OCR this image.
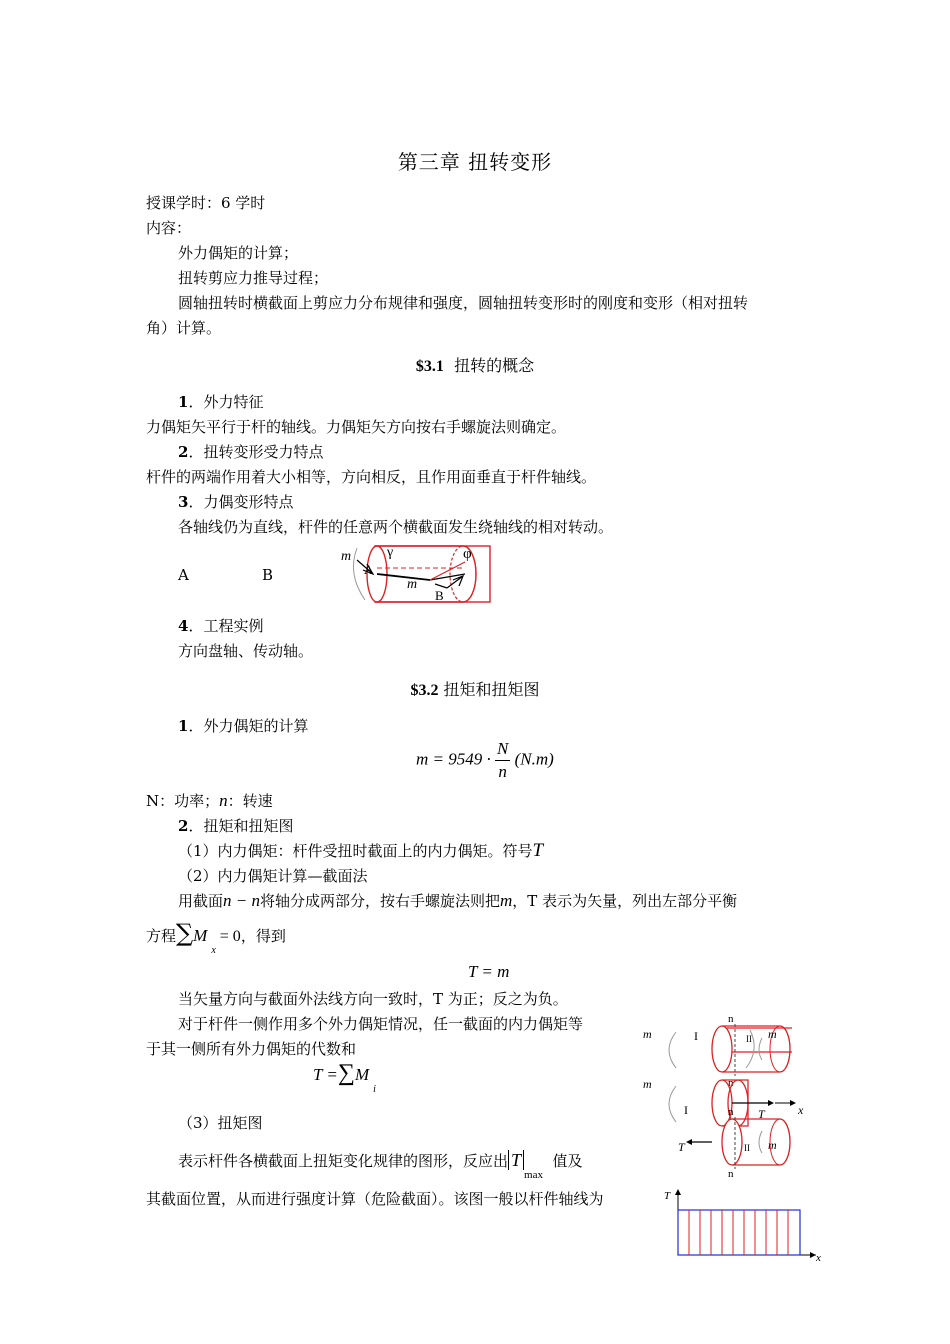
第三章 扭转变形
授课学时：6 学时
内容：
外力偶矩的计算；
扭转剪应力推导过程；
圆轴扭转时横截面上剪应力分布规律和强度，圆轴扭转变形时的刚度和变形（相对扭转
角）计算。
$3.1 扭转的概念
1．外力特征
力偶矩矢平行于杆的轴线。力偶矩矢方向按右手螺旋法则确定。
2．扭转变形受力特点
杆件的两端作用着大小相等，方向相反，且作用面垂直于杆件轴线。
3．力偶变形特点
各轴线仍为直线，杆件的任意两个横截面发生绕轴线的相对转动。
A	B
m	γ	φ
A
m
B
4．工程实例
方向盘轴、传动轴。
$3.2 扭矩和扭矩图
1．外力偶矩的计算
$m = 9549 \cdot \frac{N}{n} (N.m)$
N：功率；n：转速
2．扭矩和扭矩图
（1）内力偶矩：杆件受扭时截面上的内力偶矩。符号T
（2）内力偶矩计算—截面法
用截面n − n将轴分成两部分，按右手螺旋法则把m，T 表示为矢量，列出左部分平衡
方程$\sum M_x= 0$，得到
T = m
当矢量方向与截面外法线方向一致时，T 为正；反之为负。
对于杆件一侧作用多个外力偶矩情况，任一截面的内力偶矩等
于其一侧所有外力偶矩的代数和
$T =\sum M_i$
（3）扭矩图
表示杆件各横截面上扭矩变化规律的图形，反应出 $T_{max}$  值及
其截面位置，从而进行强度计算（危险截面）。该图一般以杆件轴线为
n
m	I	II m
n
m
I	T	x
n
T	II m
n
T
x
